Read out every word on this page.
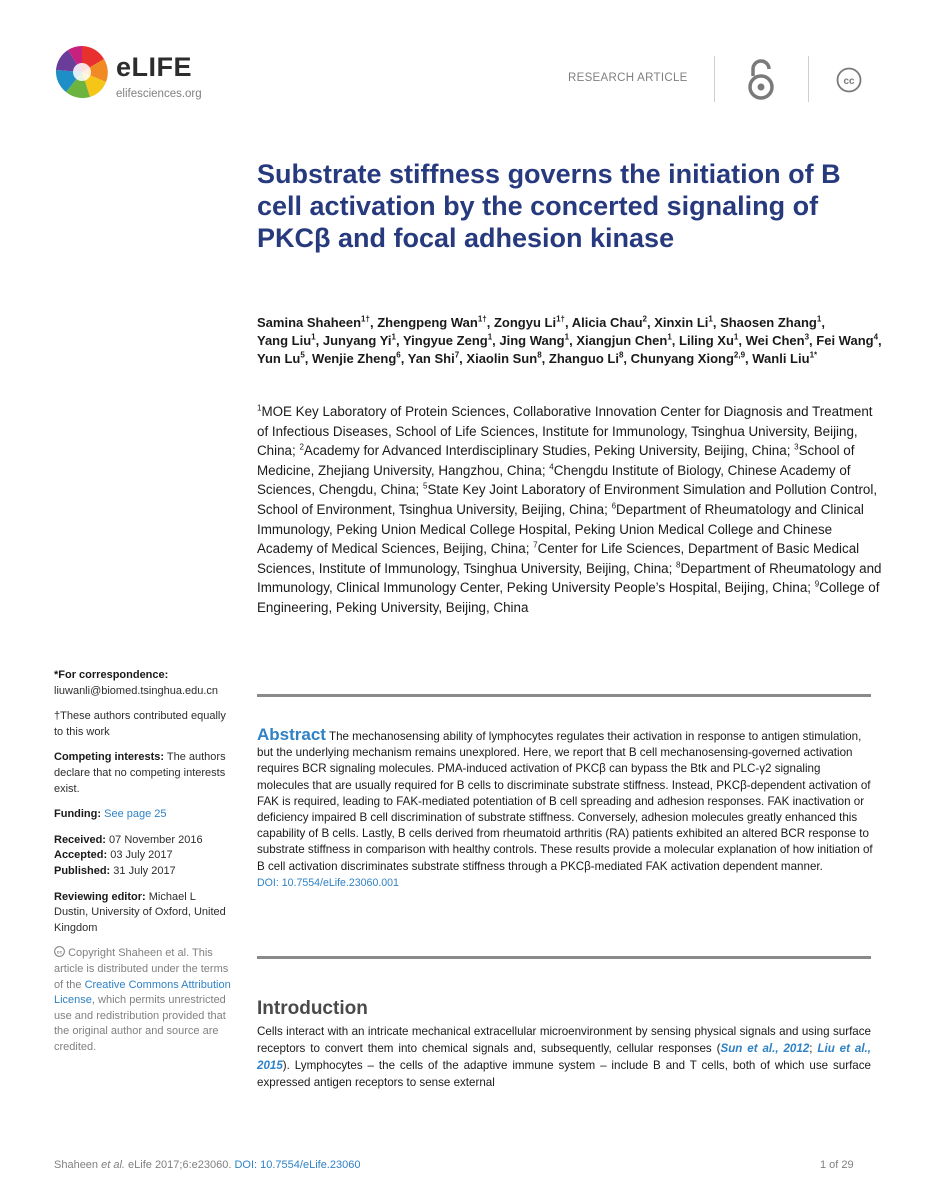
eLIFE
elifesciences.org
RESEARCH ARTICLE	cc
Substrate stiffness governs the initiation of B cell activation by the concerted signaling of PKCβ and focal adhesion kinase
Samina Shaheen$^{1\dagger}$, Zhengpeng Wan$^{1\dagger}$, Zongyu $Li^{1\dagger}$, Alicia Chau$^2$, Xinxin Li$^1$, Shaosen Zhang$^1$, Yang Liu$^1$, Junyang Yi$^1$, Yingyue Zeng$^1$, Jing Wang$^1$, Xiangjun Chen$^1$, Liling Xu$^1$, Wei Chen$^3$, Fei Wang$^4$, Yun Lu$^5$, Wenjie Zheng$^6$, Yan Shi$^7$, Xiaolin Sun$^8$, Zhanguo Li$^8$, Chunyang Xiong$^{2,9}$, Wanli Liu$^{1*}$
$^1$MOE Key Laboratory of Protein Sciences, Collaborative Innovation Center for Diagnosis and Treatment of Infectious Diseases, School of Life Sciences, Institute for Immunology, Tsinghua University, Beijing, China; $^2$Academy for Advanced Interdisciplinary Studies, Peking University, Beijing, China; $^3$School of Medicine, Zhejiang University, Hangzhou, China; $^4$Chengdu Institute of Biology, Chinese Academy of Sciences, Chengdu, China; $^5$State Key Joint Laboratory of Environment Simulation and Pollution Control, School of Environment, Tsinghua University, Beijing, China; $^6$Department of Rheumatology and Clinical Immunology, Peking Union Medical College Hospital, Peking Union Medical College and Chinese Academy of Medical Sciences, Beijing, China; $^7$Center for Life Sciences, Department of Basic Medical Sciences, Institute of Immunology, Tsinghua University, Beijing, China; $^8$Department of Rheumatology and Immunology, Clinical Immunology Center, Peking University People’s Hospital, Beijing, China; $^9$College of Engineering, Peking University, Beijing, China
Abstract The mechanosensing ability of lymphocytes regulates their activation in response to antigen stimulation, but the underlying mechanism remains unexplored. Here, we report that B cell mechanosensing-governed activation requires BCR signaling molecules. PMA-induced activation of PKCβ can bypass the Btk and PLC-γ2 signaling molecules that are usually required for B cells to discriminate substrate stiffness. Instead, PKCβ-dependent activation of FAK is required, leading to FAK-mediated potentiation of B cell spreading and adhesion responses. FAK inactivation or deficiency impaired B cell discrimination of substrate stiffness. Conversely, adhesion molecules greatly enhanced this capability of B cells. Lastly, B cells derived from rheumatoid arthritis (RA) patients exhibited an altered BCR response to substrate stiffness in comparison with healthy controls. These results provide a molecular explanation of how initiation of B cell activation discriminates substrate stiffness through a PKCβ-mediated FAK activation dependent manner.
DOI: 10.7554/eLife.23060.001
Introduction
Cells interact with an intricate mechanical extracellular microenvironment by sensing physical signals and using surface receptors to convert them into chemical signals and, subsequently, cellular responses (Sun et al., 2012; Liu et al., 2015). Lymphocytes – the cells of the adaptive immune system – include B and T cells, both of which use surface expressed antigen receptors to sense external

*For correspondence: liuwanli@biomed.tsinghua.edu.cn

†These authors contributed equally to this work

Competing interests: The authors declare that no competing interests exist.

Funding: See page 25

Received: 07 November 2016
Accepted: 03 July 2017
Published: 31 July 2017

Reviewing editor: Michael L Dustin, University of Oxford, United Kingdom

cc Copyright Shaheen et al. This article is distributed under the terms of the Creative Commons Attribution License, which permits unrestricted use and redistribution provided that the original author and source are credited.

Shaheen et al. eLife 2017;6:e23060. DOI: 10.7554/eLife.23060	1 of 29
